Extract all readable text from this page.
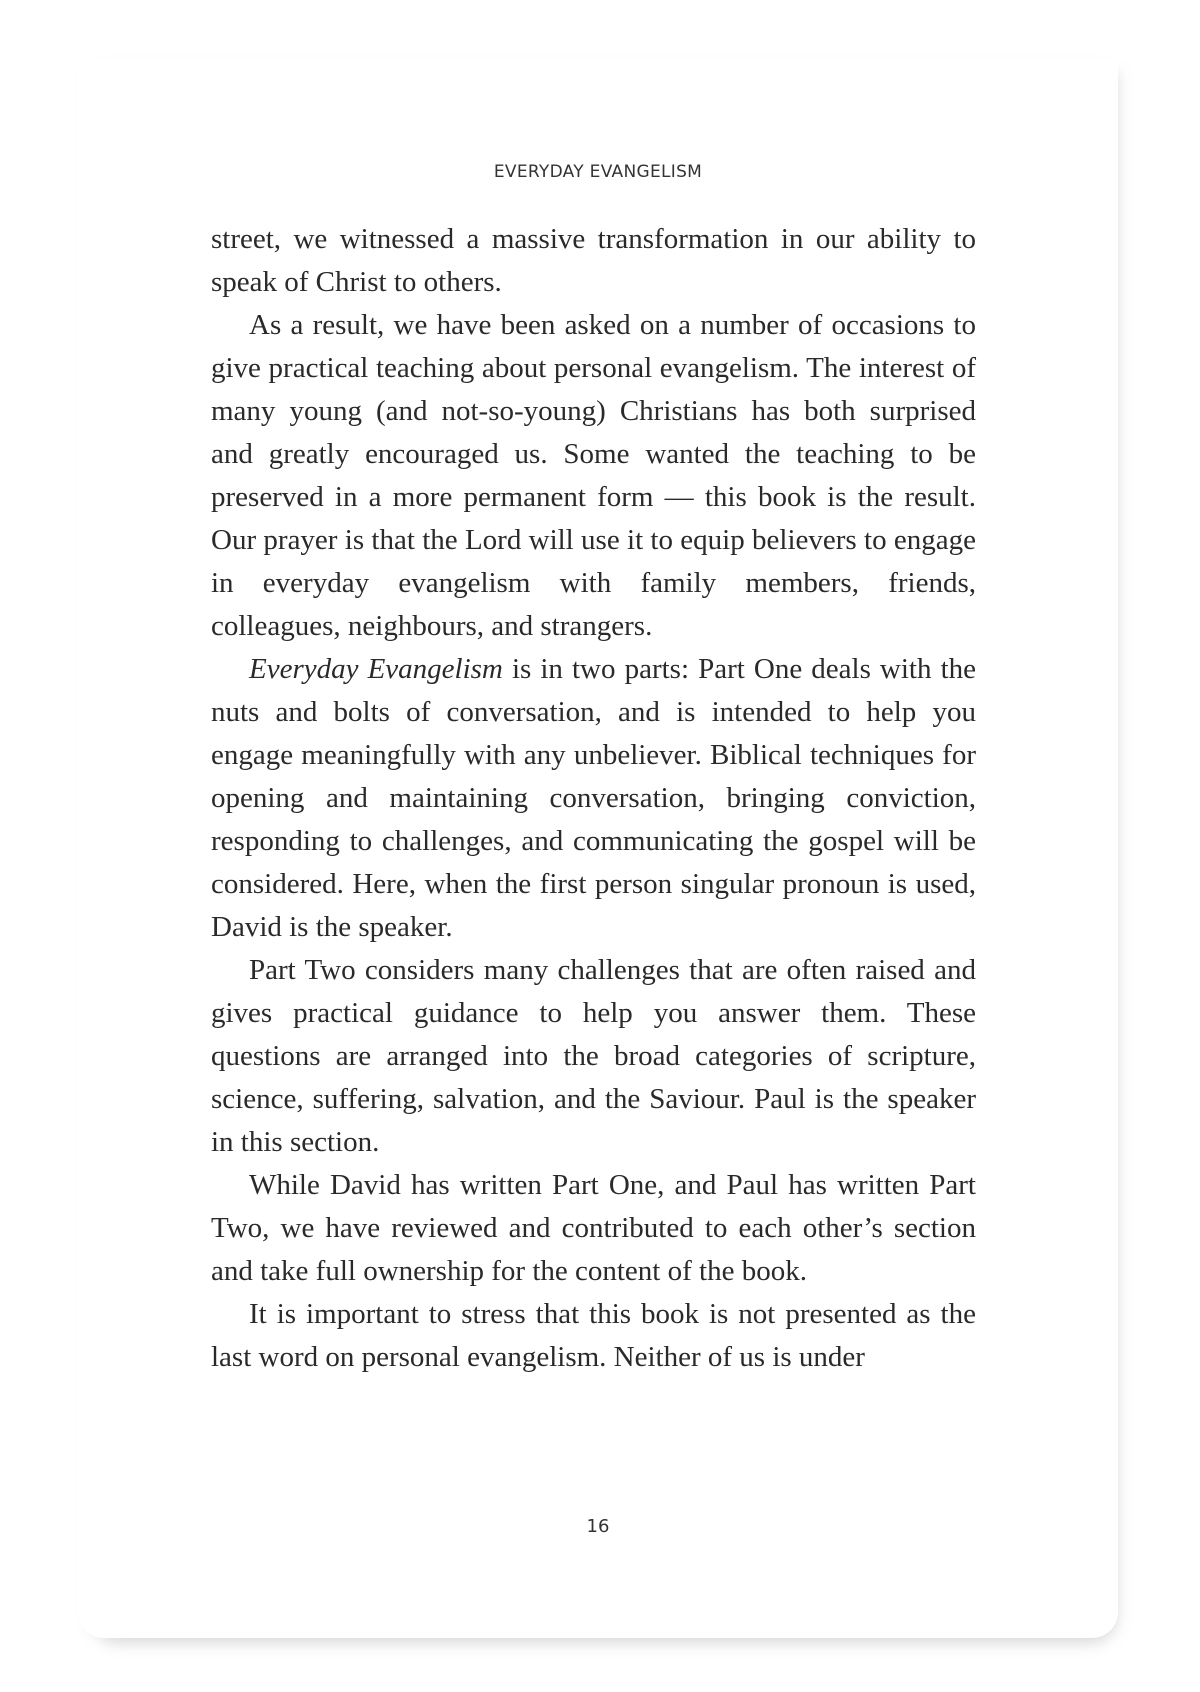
EVERYDAY EVANGELISM

street, we witnessed a massive transformation in our ability to speak of Christ to others.

As a result, we have been asked on a number of occasions to give practical teaching about personal evangelism. The interest of many young (and not-so-young) Christians has both surprised and greatly encouraged us. Some wanted the teaching to be preserved in a more permanent form — this book is the result. Our prayer is that the Lord will use it to equip believers to engage in everyday evangelism with family members, friends, colleagues, neighbours, and strangers.

Everyday Evangelism is in two parts: Part One deals with the nuts and bolts of conversation, and is intended to help you engage meaningfully with any unbeliever. Biblical techniques for opening and maintaining conversation, bringing conviction, responding to challenges, and communicating the gospel will be considered. Here, when the first person singular pronoun is used, David is the speaker.

Part Two considers many challenges that are often raised and gives practical guidance to help you answer them. These questions are arranged into the broad categories of scripture, science, suffering, salvation, and the Saviour. Paul is the speaker in this section.

While David has written Part One, and Paul has written Part Two, we have reviewed and contributed to each other’s section and take full ownership for the content of the book.

It is important to stress that this book is not presented as the last word on personal evangelism. Neither of us is under

16
